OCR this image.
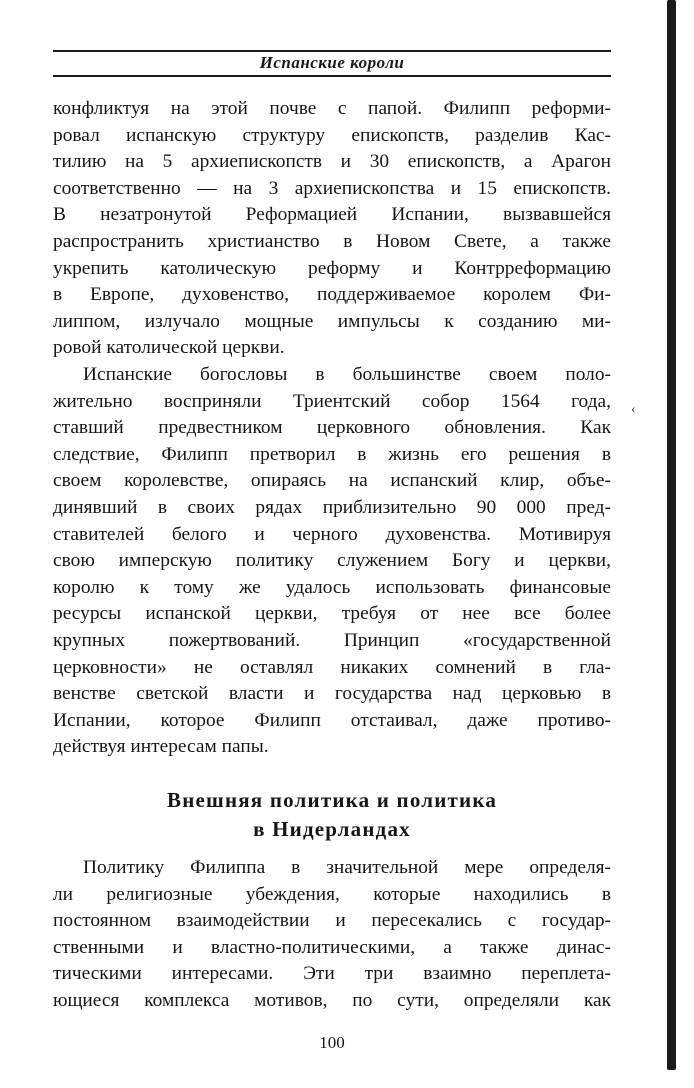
Испанские короли
конфликтуя на этой почве с папой. Филипп реформи-
ровал испанскую структуру епископств, разделив Кас-
тилию на 5 архиепископств и 30 епископств, а Арагон
соответственно — на 3 архиепископства и 15 епископств.
В незатронутой Реформацией Испании, вызвавшейся
распространить христианство в Новом Свете, а также
укрепить католическую реформу и Контрреформацию
в Европе, духовенство, поддерживаемое королем Фи-
липпом, излучало мощные импульсы к созданию ми-
ровой католической церкви.
Испанские богословы в большинстве своем поло-
жительно восприняли Триентский собор 1564 года,
ставший предвестником церковного обновления. Как
следствие, Филипп претворил в жизнь его решения в
своем королевстве, опираясь на испанский клир, объе-
динявший в своих рядах приблизительно 90 000 пред-
ставителей белого и черного духовенства. Мотивируя
свою имперскую политику служением Богу и церкви,
королю к тому же удалось использовать финансовые
ресурсы испанской церкви, требуя от нее все более
крупных пожертвований. Принцип «государственной
церковности» не оставлял никаких сомнений в гла-
венстве светской власти и государства над церковью в
Испании, которое Филипп отстаивал, даже противо-
действуя интересам папы.
Внешняя политика и политика
в Нидерландах
Политику Филиппа в значительной мере определя-
ли религиозные убеждения, которые находились в
постоянном взаимодействии и пересекались с государ-
ственными и властно-политическими, а также динас-
тическими интересами. Эти три взаимно переплета-
ющиеся комплекса мотивов, по сути, определяли как
100
‹
